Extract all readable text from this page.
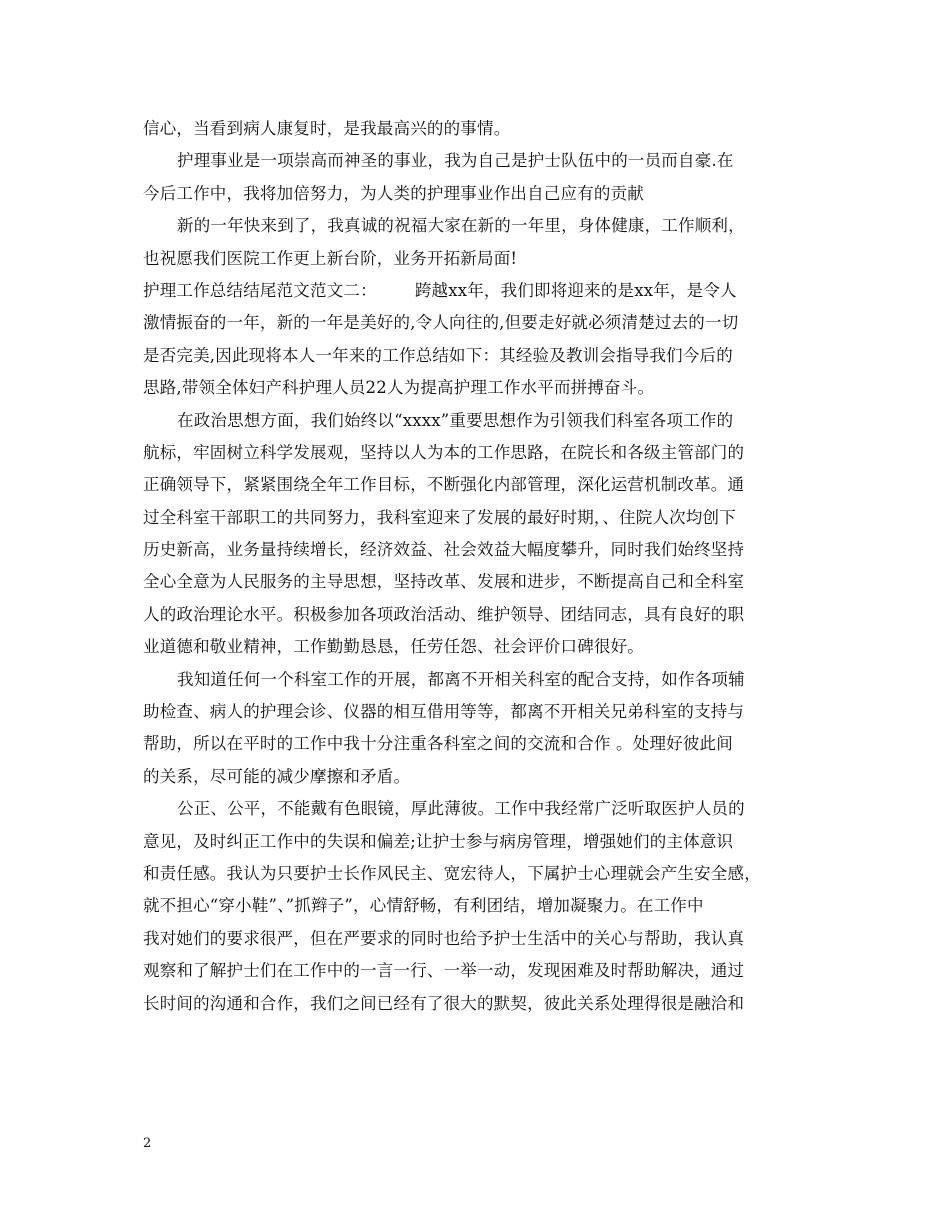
信心，当看到病人康复时，是我最高兴的的事情。
护理事业是一项崇高而神圣的事业，我为自己是护士队伍中的一员而自豪.在
今后工作中，我将加倍努力，为人类的护理事业作出自己应有的贡献
新的一年快来到了，我真诚的祝福大家在新的一年里，身体健康，工作顺利，
也祝愿我们医院工作更上新台阶，业务开拓新局面!
护理工作总结结尾范文范文二： 跨越xx年，我们即将迎来的是xx年，是令人
激情振奋的一年，新的一年是美好的,令人向往的,但要走好就必须清楚过去的一切
是否完美,因此现将本人一年来的工作总结如下：其经验及教训会指导我们今后的
思路,带领全体妇产科护理人员22人为提高护理工作水平而拼搏奋斗。
在政治思想方面，我们始终以“xxxx”重要思想作为引领我们科室各项工作的
航标，牢固树立科学发展观，坚持以人为本的工作思路，在院长和各级主管部门的
正确领导下，紧紧围绕全年工作目标，不断强化内部管理，深化运营机制改革。通
过全科室干部职工的共同努力，我科室迎来了发展的最好时期，、住院人次均创下
历史新高，业务量持续增长，经济效益、社会效益大幅度攀升，同时我们始终坚持
全心全意为人民服务的主导思想，坚持改革、发展和进步，不断提高自己和全科室
人的政治理论水平。积极参加各项政治活动、维护领导、团结同志，具有良好的职
业道德和敬业精神，工作勤勤恳恳，任劳任怨、社会评价口碑很好。
我知道任何一个科室工作的开展，都离不开相关科室的配合支持，如作各项辅
助检查、病人的护理会诊、仪器的相互借用等等，都离不开相关兄弟科室的支持与
帮助，所以在平时的工作中我十分注重各科室之间的交流和合作 。处理好彼此间
的关系，尽可能的减少摩擦和矛盾。
公正、公平，不能戴有色眼镜，厚此薄彼。工作中我经常广泛听取医护人员的
意见，及时纠正工作中的失误和偏差;让护士参与病房管理，增强她们的主体意识
和责任感。我认为只要护士长作风民主、宽宏待人，下属护士心理就会产生安全感，
就不担心“穿小鞋”、”抓辫子”，心情舒畅，有利团结，增加凝聚力。在工作中
我对她们的要求很严，但在严要求的同时也给予护士生活中的关心与帮助，我认真
观察和了解护士们在工作中的一言一行、一举一动，发现困难及时帮助解决，通过
长时间的沟通和合作，我们之间已经有了很大的默契，彼此关系处理得很是融洽和
2
